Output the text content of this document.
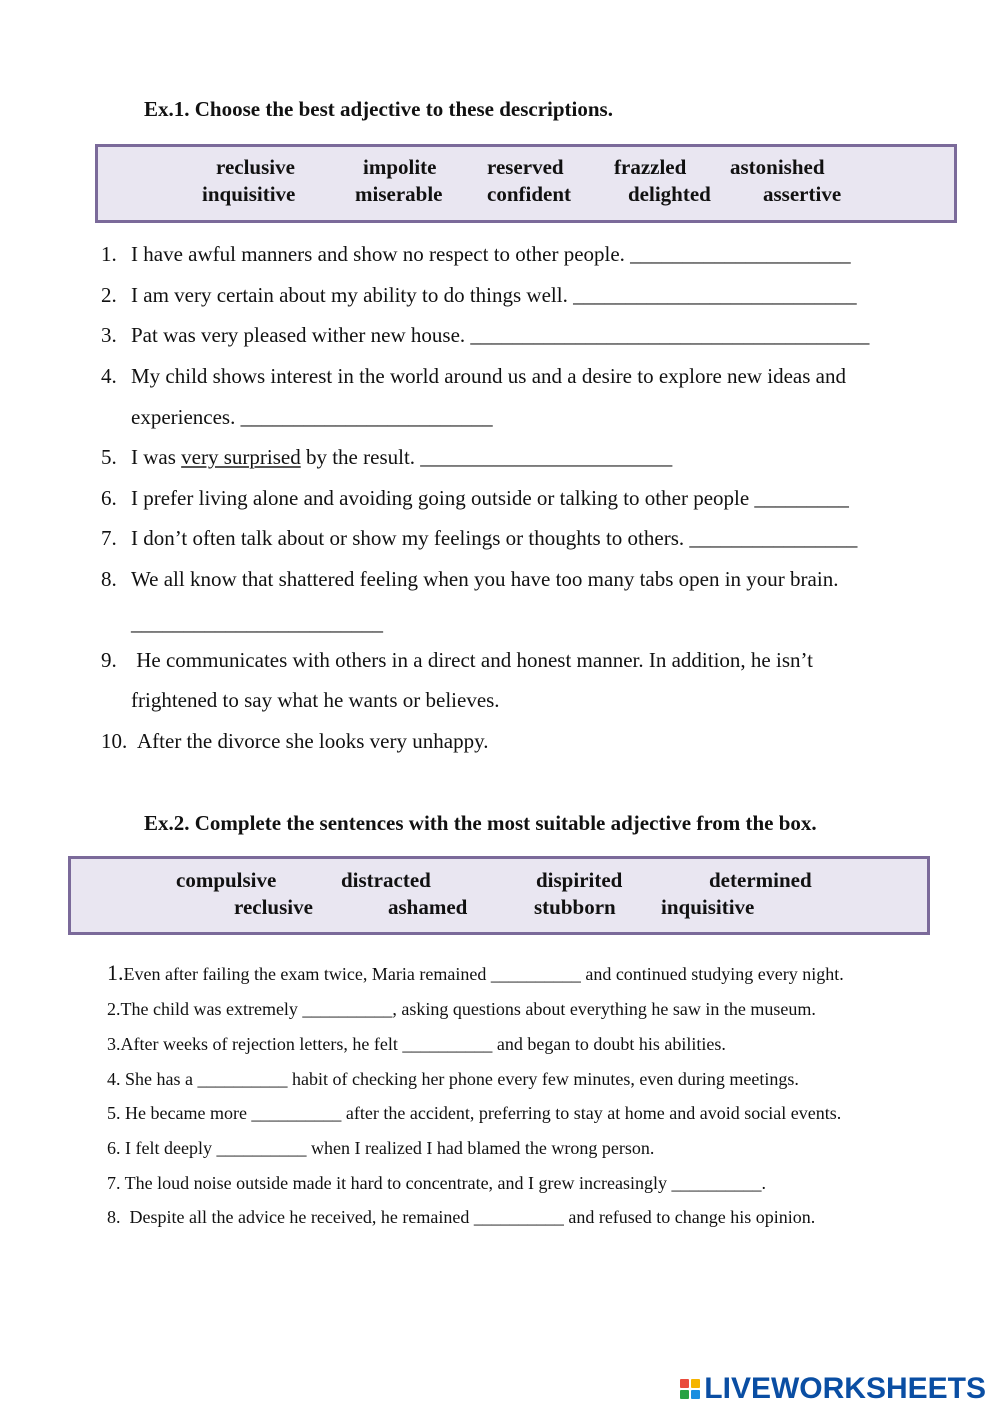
Ex.1. Choose the best adjective to these descriptions.
reclusive	impolite reserved frazzled astonished
inquisitive	miserable confident	delighted assertive
1. I have awful manners and show no respect to other people. _____________________
2. I am very certain about my ability to do things well. ___________________________
3. Pat was very pleased wither new house. ______________________________________
4. My child shows interest in the world around us and a desire to explore new ideas and
experiences. ________________________
5. I was very surprised by the result. ________________________
6. I prefer living alone and avoiding going outside or talking to other people _________
7. I don’t often talk about or show my feelings or thoughts to others. ________________
8. We all know that shattered feeling when you have too many tabs open in your brain.
________________________
9. He communicates with others in a direct and honest manner. In addition, he isn’t
frightened to say what he wants or believes.
10. After the divorce she looks very unhappy.
Ex.2. Complete the sentences with the most suitable adjective from the box.
compulsive	distracted	dispirited	determined
reclusive	ashamed	stubborn inquisitive
1.Even after failing the exam twice, Maria remained __________ and continued studying every night.
2.The child was extremely __________, asking questions about everything he saw in the museum.
3.After weeks of rejection letters, he felt __________ and began to doubt his abilities.
4. She has a __________ habit of checking her phone every few minutes, even during meetings.
5. He became more __________ after the accident, preferring to stay at home and avoid social events.
6. I felt deeply __________ when I realized I had blamed the wrong person.
7. The loud noise outside made it hard to concentrate, and I grew increasingly __________.
8.  Despite all the advice he received, he remained __________ and refused to change his opinion.
LIVEWORKSHEETS
